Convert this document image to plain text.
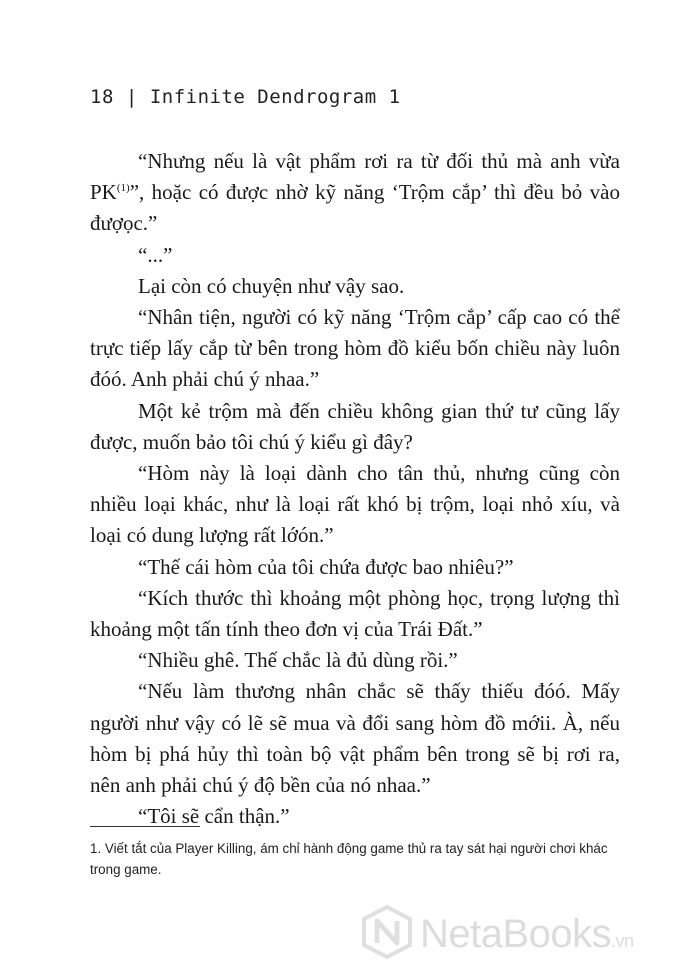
18 | Infinite Dendrogram 1

“Nhưng nếu là vật phẩm rơi ra từ đối thủ mà anh vừa PK$^{(1)}$”, hoặc có được nhờ kỹ năng ‘Trộm cắp’ thì đều bỏ vào đượọc.”

“...”

Lại còn có chuyện như vậy sao.

“Nhân tiện, người có kỹ năng ‘Trộm cắp’ cấp cao có thể trực tiếp lấy cắp từ bên trong hòm đồ kiểu bốn chiều này luôn đóó. Anh phải chú ý nhaa.”

Một kẻ trộm mà đến chiều không gian thứ tư cũng lấy được, muốn bảo tôi chú ý kiểu gì đây?

“Hòm này là loại dành cho tân thủ, nhưng cũng còn nhiều loại khác, như là loại rất khó bị trộm, loại nhỏ xíu, và loại có dung lượng rất lớón.”

“Thế cái hòm của tôi chứa được bao nhiêu?”

“Kích thước thì khoảng một phòng học, trọng lượng thì khoảng một tấn tính theo đơn vị của Trái Đất.”

“Nhiều ghê. Thế chắc là đủ dùng rồi.”

“Nếu làm thương nhân chắc sẽ thấy thiếu đóó. Mấy người như vậy có lẽ sẽ mua và đổi sang hòm đồ mớii. À, nếu hòm bị phá hủy thì toàn bộ vật phẩm bên trong sẽ bị rơi ra, nên anh phải chú ý độ bền của nó nhaa.”

“Tôi sẽ cẩn thận.”

1. Viết tắt của Player Killing, ám chỉ hành động game thủ ra tay sát hại người chơi khác trong game.
NetaBooks.vn
